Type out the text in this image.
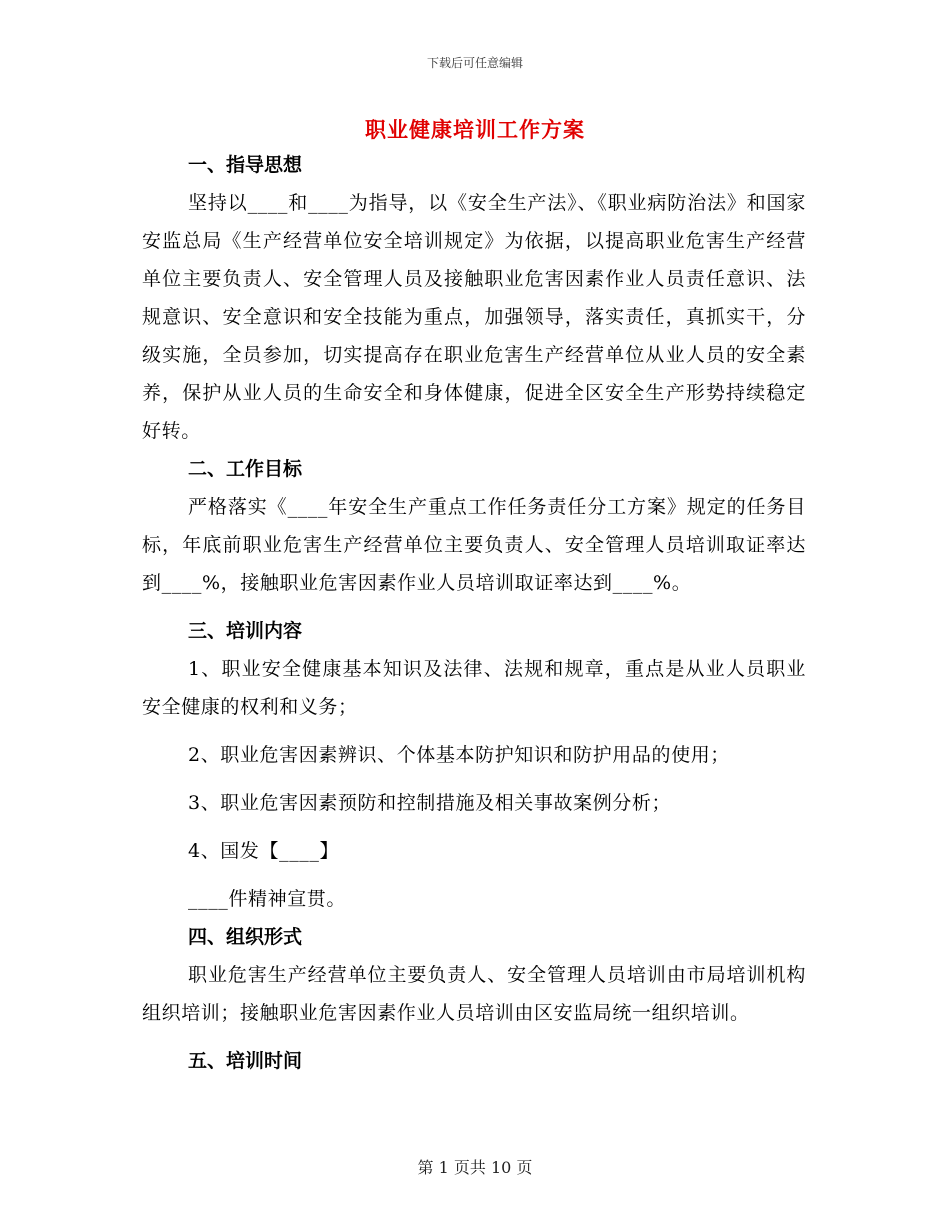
下载后可任意编辑
职业健康培训工作方案

一、指导思想

坚持以____和____为指导，以《安全生产法》、《职业病防治法》和国家安监总局《生产经营单位安全培训规定》为依据，以提高职业危害生产经营单位主要负责人、安全管理人员及接触职业危害因素作业人员责任意识、法规意识、安全意识和安全技能为重点，加强领导，落实责任，真抓实干，分级实施，全员参加，切实提高存在职业危害生产经营单位从业人员的安全素养，保护从业人员的生命安全和身体健康，促进全区安全生产形势持续稳定好转。

二、工作目标

严格落实《____年安全生产重点工作任务责任分工方案》规定的任务目标，年底前职业危害生产经营单位主要负责人、安全管理人员培训取证率达到____%，接触职业危害因素作业人员培训取证率达到____%。

三、培训内容

1、职业安全健康基本知识及法律、法规和规章，重点是从业人员职业安全健康的权利和义务；

2、职业危害因素辨识、个体基本防护知识和防护用品的使用；

3、职业危害因素预防和控制措施及相关事故案例分析；

4、国发【____】

____件精神宣贯。

四、组织形式

职业危害生产经营单位主要负责人、安全管理人员培训由市局培训机构组织培训；接触职业危害因素作业人员培训由区安监局统一组织培训。

五、培训时间

第 1 页共 10 页
